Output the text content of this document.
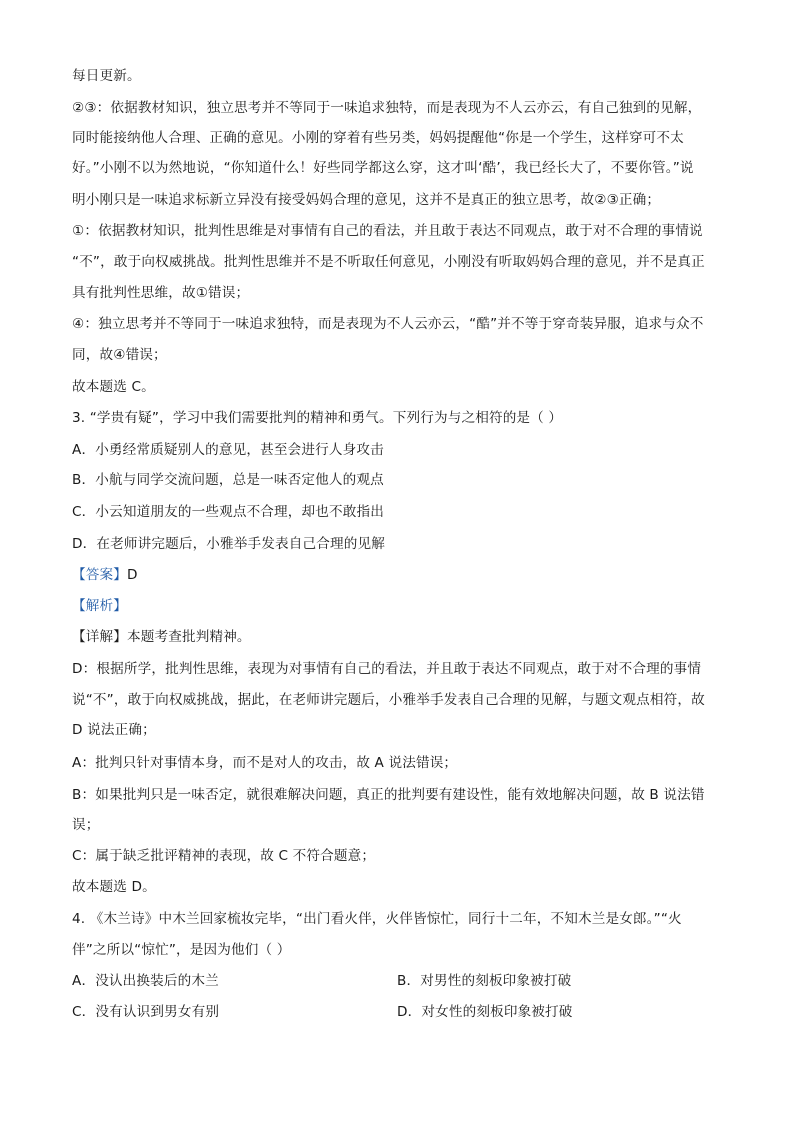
每日更新。
②③：依据教材知识，独立思考并不等同于一味追求独特，而是表现为不人云亦云，有自己独到的见解，
同时能接纳他人合理、正确的意见。小刚的穿着有些另类，妈妈提醒他“你是一个学生，这样穿可不太
好。”小刚不以为然地说，“你知道什么！好些同学都这么穿，这才叫‘酷’，我已经长大了，不要你管。”说
明小刚只是一味追求标新立异没有接受妈妈合理的意见，这并不是真正的独立思考，故②③正确；
①：依据教材知识，批判性思维是对事情有自己的看法，并且敢于表达不同观点，敢于对不合理的事情说
“不”，敢于向权威挑战。批判性思维并不是不听取任何意见，小刚没有听取妈妈合理的意见，并不是真正
具有批判性思维，故①错误；
④：独立思考并不等同于一味追求独特，而是表现为不人云亦云，“酷”并不等于穿奇装异服，追求与众不
同，故④错误；
故本题选 C。
3. “学贵有疑”，学习中我们需要批判的精神和勇气。下列行为与之相符的是（ ）
A．小勇经常质疑别人的意见，甚至会进行人身攻击
B．小航与同学交流问题，总是一味否定他人的观点
C．小云知道朋友的一些观点不合理，却也不敢指出
D．在老师讲完题后，小雅举手发表自己合理的见解
【答案】D
【解析】
【详解】本题考查批判精神。
D：根据所学，批判性思维，表现为对事情有自己的看法，并且敢于表达不同观点，敢于对不合理的事情
说“不”，敢于向权威挑战，据此，在老师讲完题后，小雅举手发表自己合理的见解，与题文观点相符，故
D 说法正确；
A：批判只针对事情本身，而不是对人的攻击，故 A 说法错误；
B：如果批判只是一味否定，就很难解决问题，真正的批判要有建设性，能有效地解决问题，故 B 说法错
误；
C：属于缺乏批评精神的表现，故 C 不符合题意；
故本题选 D。
4. 《木兰诗》中木兰回家梳妆完毕，“出门看火伴，火伴皆惊忙，同行十二年，不知木兰是女郎。”“火
伴”之所以“惊忙”，是因为他们（ ）
A．没认出换装后的木兰	B．对男性的刻板印象被打破
C．没有认识到男女有别	D．对女性的刻板印象被打破
